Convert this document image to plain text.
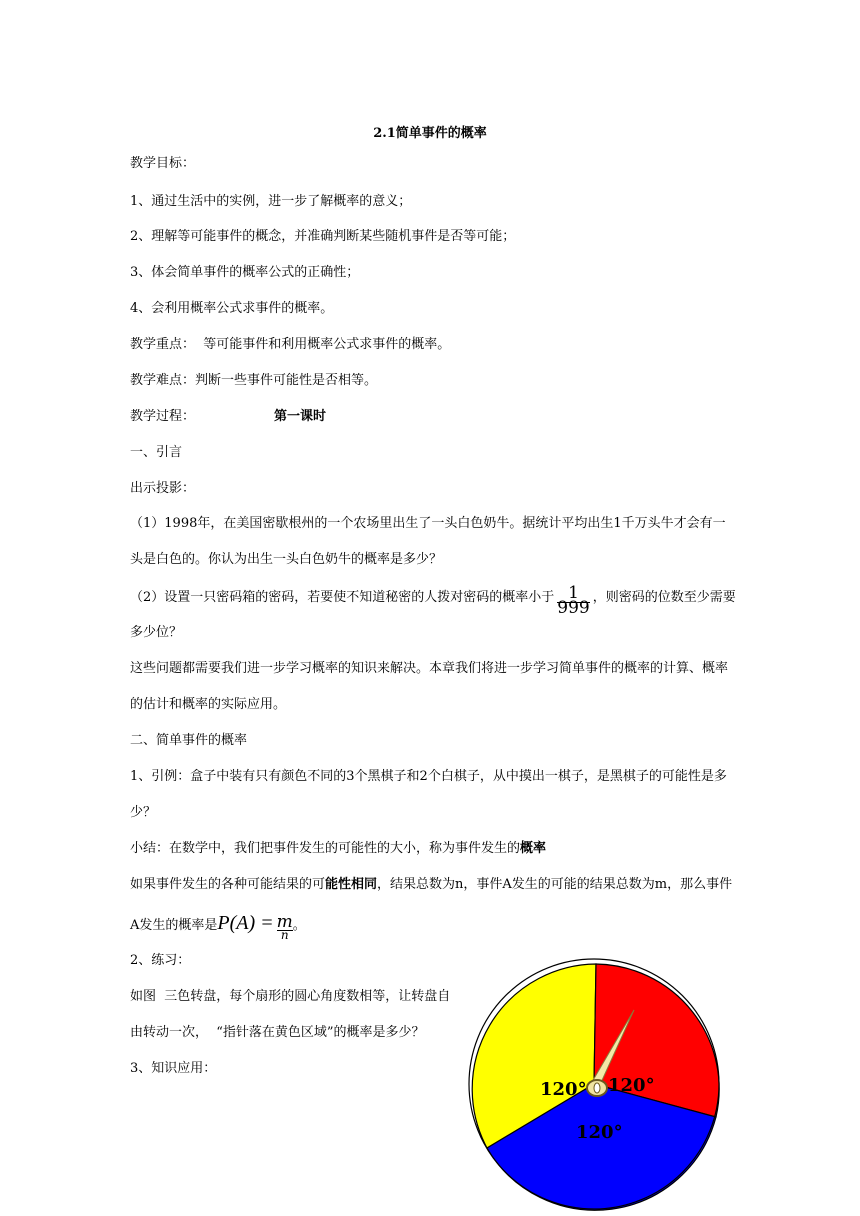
2.1简单事件的概率
教学目标：
1、通过生活中的实例，进一步了解概率的意义；
2、理解等可能事件的概念，并准确判断某些随机事件是否等可能；
3、体会简单事件的概率公式的正确性；
4、会利用概率公式求事件的概率。
教学重点：  等可能事件和利用概率公式求事件的概率。
教学难点：判断一些事件可能性是否相等。
教学过程：	第一课时
一、引言
出示投影：
（1）1998年，在美国密歇根州的一个农场里出生了一头白色奶牛。据统计平均出生1千万头牛才会有一
头是白色的。你认为出生一头白色奶牛的概率是多少？
（2）设置一只密码箱的密码，若要使不知道秘密的人拨对密码的概率小于 $\frac{1}{999}$ ，则密码的位数至少需要
多少位？
这些问题都需要我们进一步学习概率的知识来解决。本章我们将进一步学习简单事件的概率的计算、概率
的估计和概率的实际应用。
二、简单事件的概率
1、引例：盒子中装有只有颜色不同的3个黑棋子和2个白棋子，从中摸出一棋子，是黑棋子的可能性是多
少？
小结：在数学中，我们把事件发生的可能性的大小，称为事件发生的概率
如果事件发生的各种可能结果的可能性相同，结果总数为n，事件A发生的可能的结果总数为m，那么事件
A发生的概率是$P(A) = \frac{m}{n}$ 。
2、练习：
如图  三色转盘，每个扇形的圆心角度数相等，让转盘自
由转动一次，  “指针落在黄色区域”的概率是多少？
3、知识应用：
120° 120°
120°
